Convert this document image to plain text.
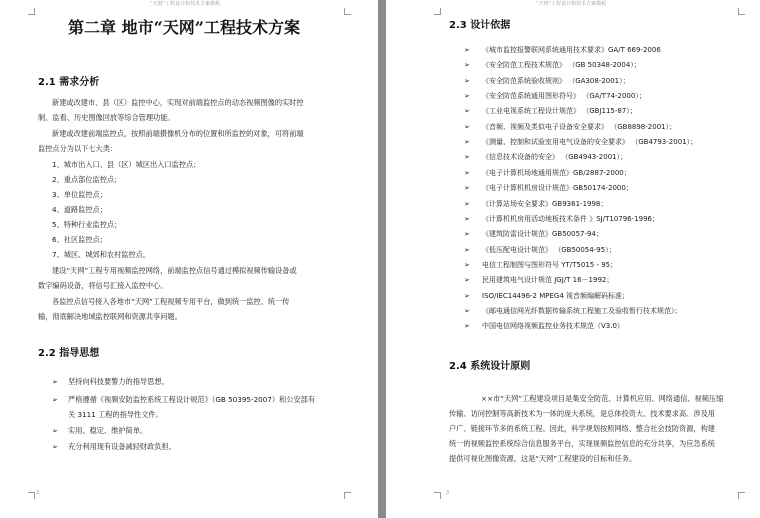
“天网”工程设计和技术方案模板
第二章 地市“天网”工程技术方案
2.1 需求分析
新建或改建市、县（区）监控中心，实现对前端监控点的动态视频图像的实时控
制、监看、历史图像回放等综合管理功能。
新建或改建前端监控点，按照前端摄像机分布的位置和所监控的对象，可将前端
监控点分为以下七大类：
1、城市出入口、县（区）城区出入口监控点；
2、重点部位监控点；
3、单位监控点；
4、道路监控点；
5、特种行业监控点；
6、社区监控点；
7、城区、城郊和农村监控点。
建设“天网”工程专用视频监控网络，前端监控点信号通过模拟视频传输设备或
数字编码设备，将信号汇接入监控中心。
各监控点信号接入各地市“天网”工程视频专用平台，做到统一监控、统一传
输，彻底解决地域监控联网和资源共享问题。
2.2 指导思想
➢ 坚持向科技要警力的指导思想。
➢ 严格遵循《视频安防监控系统工程设计规范》（GB 50395-2007）和公安部有
关 3111 工程的指导性文件。
➢ 实用、稳定、维护简单。
➢ 充分利用现有设备减轻财政负担。
2
“天网”工程设计和技术方案模板
2.3 设计依据
➢ 《城市监控报警联网系统通用技术要求》GA/T 669-2006
➢ 《安全防范工程技术规范》 （GB 50348-2004）；
➢ 《安全防范系统验收规则》 （GA308-2001）；
➢ 《安全防范系统通用图形符号》 （GA/T74-2000）；
➢ 《工业电视系统工程设计规范》 （GBJ115-87）；
➢ 《音频、视频及类似电子设备安全要求》 （GB8898-2001）；
➢ 《测量、控制和试验室用电气设备的安全要求》 （GB4793-2001）；
➢ 《信息技术设备的安全》 （GB4943-2001）；
➢ 《电子计算机场地通用规范》GB/2887-2000；
➢ 《电子计算机机房设计规范》GB50174-2000；
➢ 《计算站场安全要求》GB9361-1998；
➢ 《计算机机房用活动地板技术条件 》SJ/T10796-1996；
➢ 《建筑防雷设计规范》GB50057-94；
➢ 《低压配电设计规范》 （GB50054-95）；
➢ 电信工程制图与图形符号 YT/T5015 - 95；
➢ 民用建筑电气设计规范 JGJ/T 16－1992；
➢ ISO/IEC14496-2 MPEG4 视音频编解码标准；
➢ 《邮电通信网光纤数据传输系统工程施工及验收暂行技术规范》；
➢ 中国电信网络视频监控业务技术规范（V3.0）
2.4 系统设计原则
××市“天网”工程建设项目是集安全防范、计算机应用、网络通信、视频压缩
传输、访问控制等高新技术为一体的庞大系统，是总体投资大、技术要求高、涉及用
户广、链接环节多的系统工程。因此，科学规划按照网络、整合社会技防资源，构建
统一的视频监控系统综合信息服务平台，实现视频监控信息的充分共享，为应急系统
提供可视化图像资源，这是“天网”工程建设的目标和任务。
3
